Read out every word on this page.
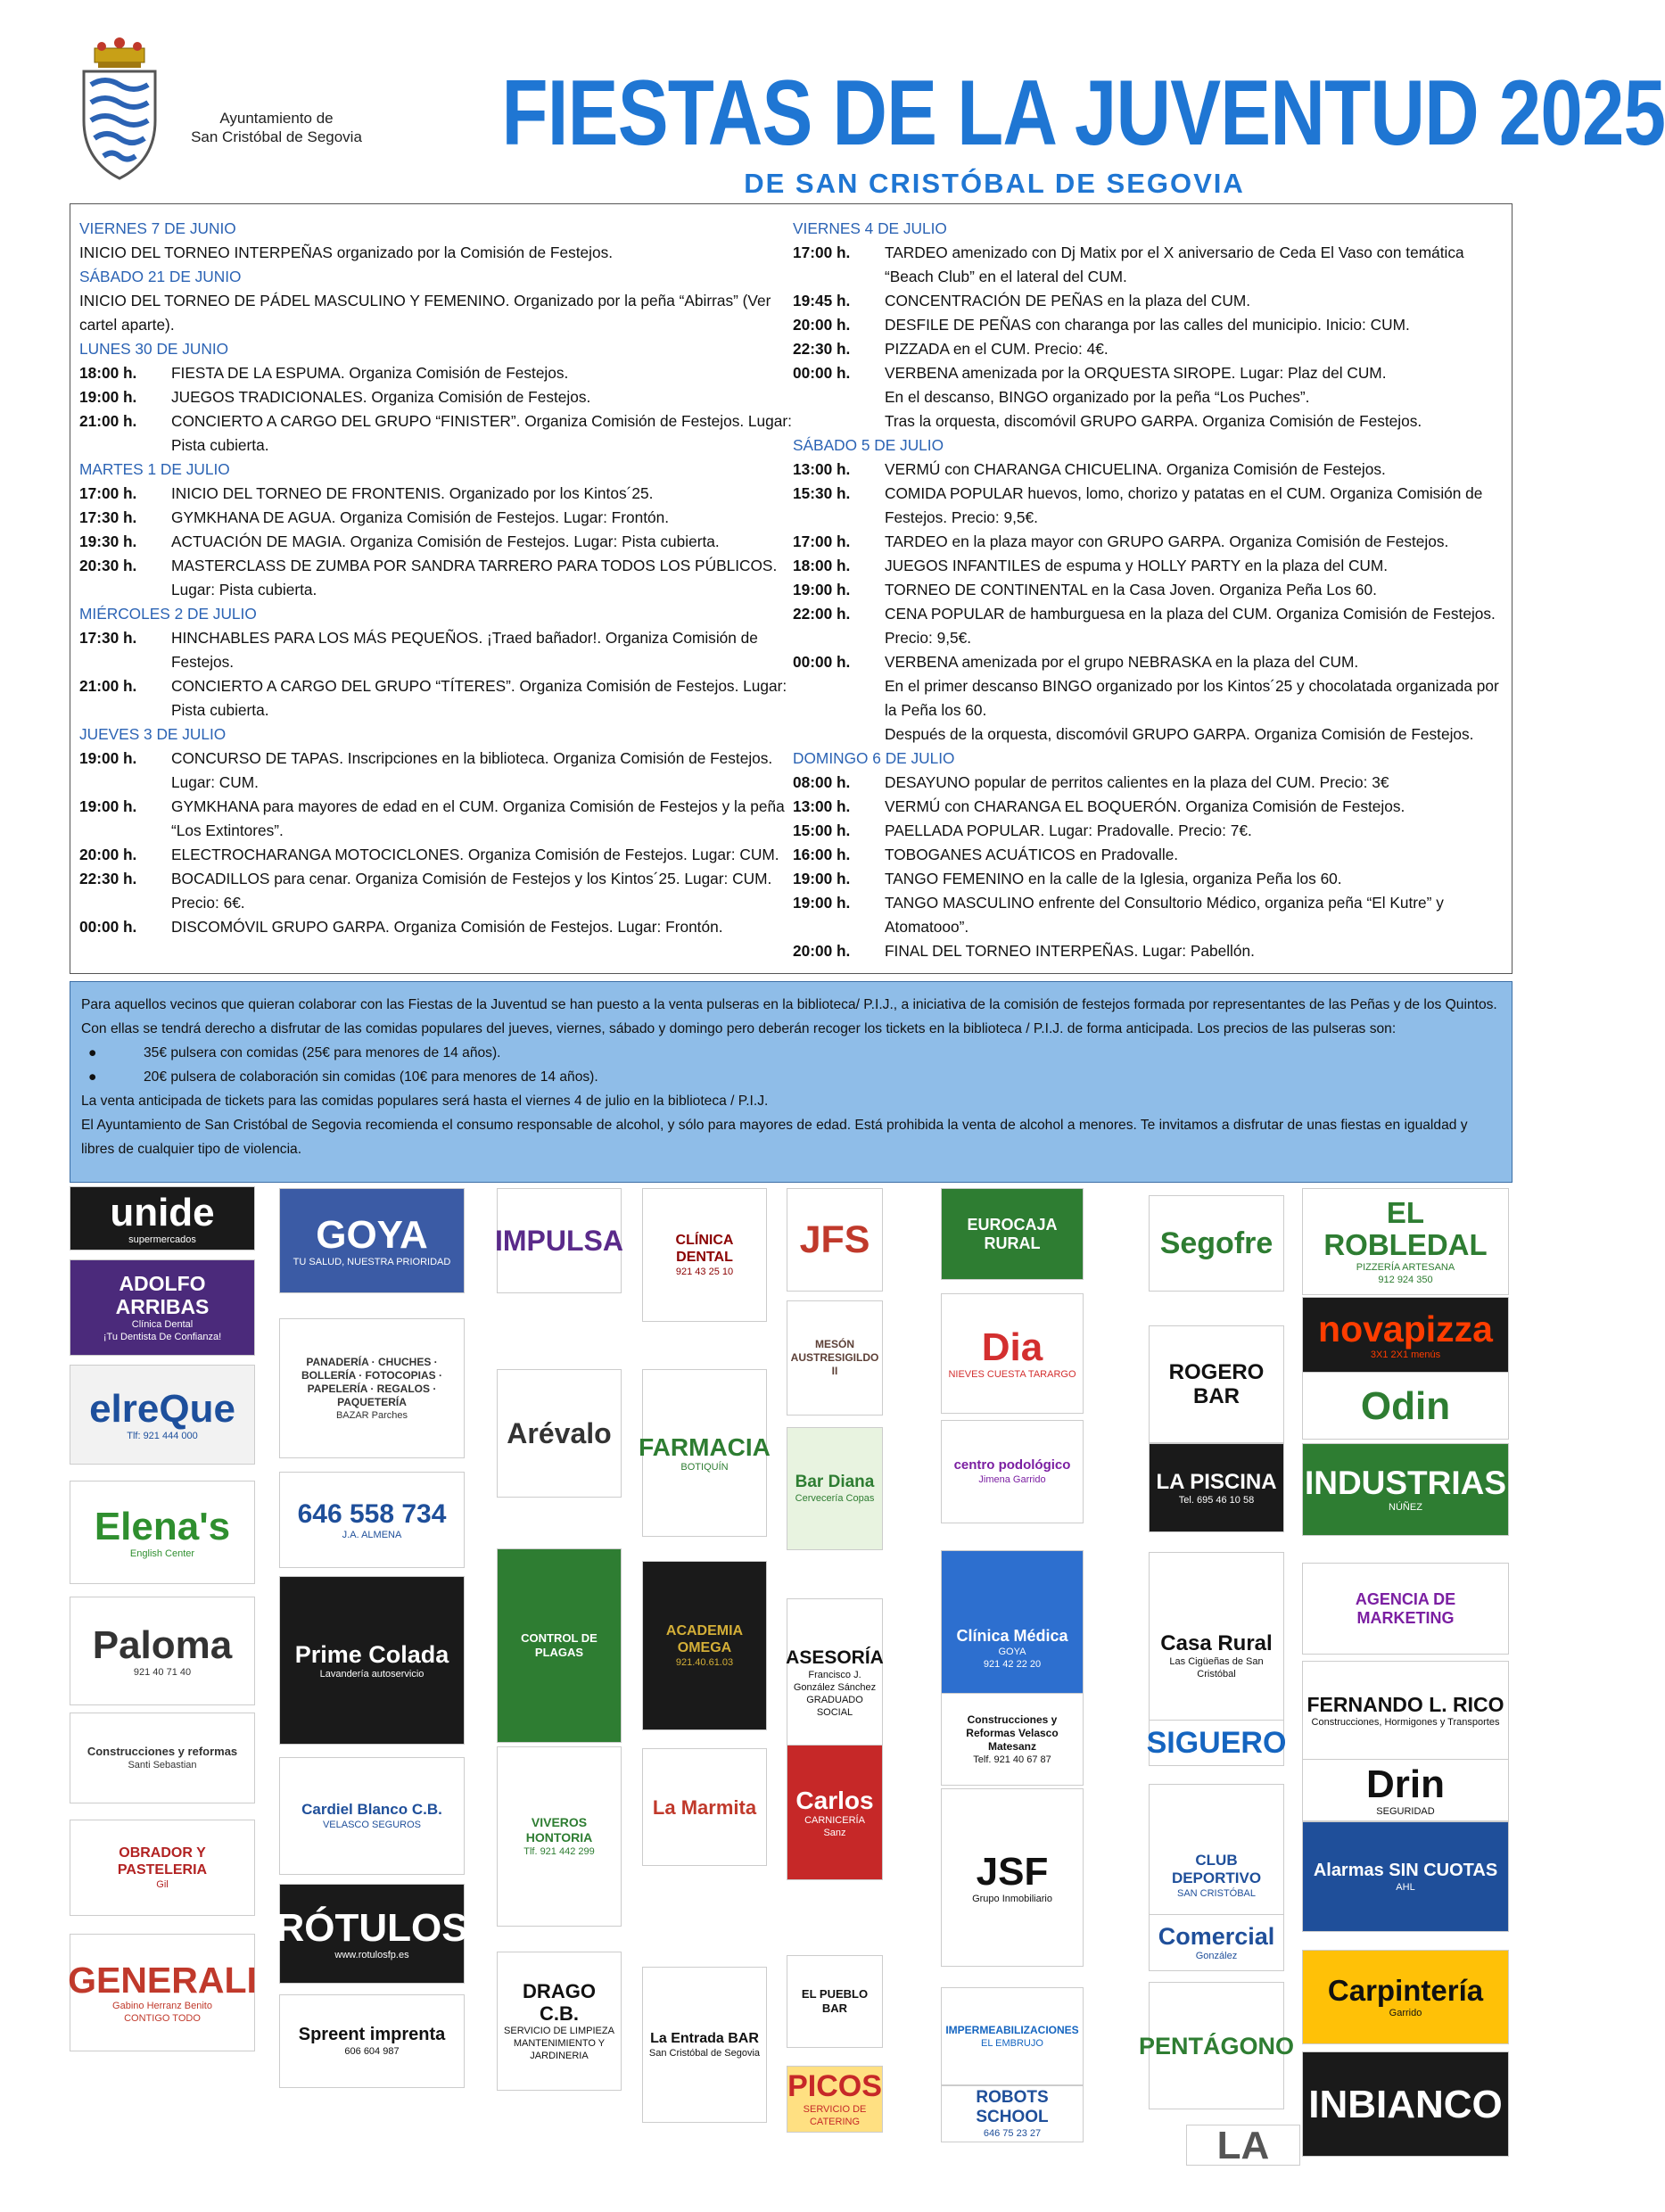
Ayuntamiento de
San Cristóbal de Segovia FIESTAS DE LA JUVENTUD 2025
DE SAN CRISTÓBAL DE SEGOVIA
VIERNES 7 DE JUNIO
INICIO DEL TORNEO INTERPEÑAS organizado por la Comisión de Festejos.
SÁBADO 21 DE JUNIO
INICIO DEL TORNEO DE PÁDEL MASCULINO Y FEMENINO. Organizado por la peña “Abirras” (Ver cartel aparte).
LUNES 30 DE JUNIO
18:00 h.	FIESTA DE LA ESPUMA. Organiza Comisión de Festejos.
19:00 h.	JUEGOS TRADICIONALES. Organiza Comisión de Festejos.
21:00 h.	CONCIERTO A CARGO DEL GRUPO “FINISTER”. Organiza Comisión de Festejos. Lugar: Pista cubierta.
MARTES 1 DE JULIO
17:00 h.	INICIO DEL TORNEO DE FRONTENIS. Organizado por los Kintos´25.
17:30 h.	GYMKHANA DE AGUA. Organiza Comisión de Festejos. Lugar: Frontón.
19:30 h.	ACTUACIÓN DE MAGIA. Organiza Comisión de Festejos. Lugar: Pista cubierta.
20:30 h.	MASTERCLASS DE ZUMBA POR SANDRA TARRERO PARA TODOS LOS PÚBLICOS. Lugar: Pista cubierta.
MIÉRCOLES 2 DE JULIO
17:30 h.	HINCHABLES PARA LOS MÁS PEQUEÑOS. ¡Traed bañador!. Organiza Comisión de Festejos.
21:00 h.	CONCIERTO A CARGO DEL GRUPO “TÍTERES”. Organiza Comisión de Festejos. Lugar: Pista cubierta.
JUEVES 3 DE JULIO
19:00 h.	CONCURSO DE TAPAS. Inscripciones en la biblioteca. Organiza Comisión de Festejos. Lugar: CUM.
19:00 h.	GYMKHANA para mayores de edad en el CUM. Organiza Comisión de Festejos y la peña “Los Extintores”.
20:00 h.	ELECTROCHARANGA MOTOCICLONES. Organiza Comisión de Festejos. Lugar: CUM.
22:30 h.	BOCADILLOS para cenar. Organiza Comisión de Festejos y los Kintos´25. Lugar: CUM. Precio: 6€.
00:00 h.	DISCOMÓVIL GRUPO GARPA. Organiza Comisión de Festejos. Lugar: Frontón.
VIERNES 4 DE JULIO
17:00 h.	TARDEO amenizado con Dj Matix por el X aniversario de Ceda El Vaso con temática “Beach Club” en el lateral del CUM.
19:45 h.	CONCENTRACIÓN DE PEÑAS en la plaza del CUM.
20:00 h.	DESFILE DE PEÑAS con charanga por las calles del municipio. Inicio: CUM.
22:30 h.	PIZZADA en el CUM. Precio: 4€.
00:00 h.	VERBENA amenizada por la ORQUESTA SIROPE. Lugar: Plaz del CUM.
En el descanso, BINGO organizado por la peña “Los Puches”.
Tras la orquesta, discomóvil GRUPO GARPA. Organiza Comisión de Festejos.
SÁBADO 5 DE JULIO
13:00 h.	VERMÚ con CHARANGA CHICUELINA. Organiza Comisión de Festejos.
15:30 h.	COMIDA POPULAR huevos, lomo, chorizo y patatas en el CUM. Organiza Comisión de Festejos. Precio: 9,5€.
17:00 h.	TARDEO en la plaza mayor con GRUPO GARPA. Organiza Comisión de Festejos.
18:00 h.	JUEGOS INFANTILES de espuma y HOLLY PARTY en la plaza del CUM.
19:00 h.	TORNEO DE CONTINENTAL en la Casa Joven. Organiza Peña Los 60.
22:00 h.	CENA POPULAR de hamburguesa en la plaza del CUM. Organiza Comisión de Festejos. Precio: 9,5€.
00:00 h.	VERBENA amenizada por el grupo NEBRASKA en la plaza del CUM.
En el primer descanso BINGO organizado por los Kintos´25 y chocolatada organizada por la Peña los 60.
Después de la orquesta, discomóvil GRUPO GARPA. Organiza Comisión de Festejos.
DOMINGO 6 DE JULIO
08:00 h.	DESAYUNO popular de perritos calientes en la plaza del CUM. Precio: 3€
13:00 h.	VERMÚ con CHARANGA EL BOQUERÓN. Organiza Comisión de Festejos.
15:00 h.	PAELLADA POPULAR. Lugar: Pradovalle. Precio: 7€.
16:00 h.	TOBOGANES ACUÁTICOS en Pradovalle.
19:00 h.	TANGO FEMENINO en la calle de la Iglesia, organiza Peña los 60.
19:00 h.	TANGO MASCULINO enfrente del Consultorio Médico, organiza peña “El Kutre” y Atomatooo”.
20:00 h.	FINAL DEL TORNEO INTERPEÑAS. Lugar: Pabellón.
Para aquellos vecinos que quieran colaborar con las Fiestas de la Juventud se han puesto a la venta pulseras en la biblioteca/ P.I.J., a iniciativa de la comisión de festejos formada por representantes de las Peñas y de los Quintos. Con ellas se tendrá derecho a disfrutar de las comidas populares del jueves, viernes, sábado y domingo pero deberán recoger los tickets en la biblioteca / P.I.J. de forma anticipada. Los precios de las pulseras son:
●	35€ pulsera con comidas (25€ para menores de 14 años).
●	20€ pulsera de colaboración sin comidas (10€ para menores de 14 años).
La venta anticipada de tickets para las comidas populares será hasta el viernes 4 de julio en la biblioteca / P.I.J.
El Ayuntamiento de San Cristóbal de Segovia recomienda el consumo responsable de alcohol, y sólo para mayores de edad. Está prohibida la venta de alcohol a menores. Te invitamos a disfrutar de unas fiestas en igualdad y libres de cualquier tipo de violencia.
unide
supermercados
ADOLFO ARRIBAS
Clínica Dental
¡Tu Dentista De Confianza!
elreQue
Tlf: 921 444 000
Elena's
English Center
Paloma
921 40 71 40
Construcciones y reformas
Santi Sebastian
OBRADOR Y PASTELERIA
Gil
GENERALI
Gabino Herranz Benito
CONTIGO TODO
GOYA
TU SALUD, NUESTRA PRIORIDAD
PANADERÍA · CHUCHES · BOLLERÍA · FOTOCOPIAS · PAPELERÍA · REGALOS · PAQUETERÍA
BAZAR Parches
646 558 734
J.A. ALMENA
Prime Colada
Lavandería autoservicio
Cardiel Blanco C.B.
VELASCO SEGUROS
RÓTULOS
www.rotulosfp.es
Spreent imprenta
606 604 987
IMPULSA
Arévalo
CONTROL DE PLAGAS
VIVEROS HONTORIA
Tlf. 921 442 299
DRAGO C.B.
SERVICIO DE LIMPIEZA MANTENIMIENTO Y JARDINERIA
CLÍNICA DENTAL
921 43 25 10
FARMACIA
BOTIQUÍN
ACADEMIA OMEGA
921.40.61.03
La Marmita
La Entrada BAR
San Cristóbal de Segovia
JFS
MESÓN AUSTRESIGILDO II
Bar Diana
Cervecería Copas
ASESORÍA
Francisco J. González Sánchez
GRADUADO SOCIAL
Carlos
CARNICERÍA
Sanz
EL PUEBLO BAR
PICOS
SERVICIO DE CATERING
EUROCAJA RURAL
Dia
NIEVES CUESTA TARARGO
centro podológico
Jimena Garrido
Clínica Médica
GOYA
921 42 22 20
Construcciones y Reformas Velasco Matesanz
Telf. 921 40 67 87
JSF
Grupo Inmobiliario
IMPERMEABILIZACIONES
EL EMBRUJO
ROBOTS SCHOOL
646 75 23 27
Segofre
ROGERO BAR
LA PISCINA
Tel. 695 46 10 58
Casa Rural
Las Cigüeñas de San Cristóbal
SIGUERO
CLUB DEPORTIVO
SAN CRISTÓBAL
Comercial
González
PENTÁGONO
LA
EL ROBLEDAL
PIZZERÍA ARTESANA
912 924 350
novapizza
3X1 2X1 menús
Odin
INDUSTRIAS
NÚÑEZ
AGENCIA DE MARKETING
FERNANDO L. RICO
Construcciones, Hormigones y Transportes
Drin
SEGURIDAD
Alarmas SIN CUOTAS
AHL
Carpintería
Garrido
INBIANCO
